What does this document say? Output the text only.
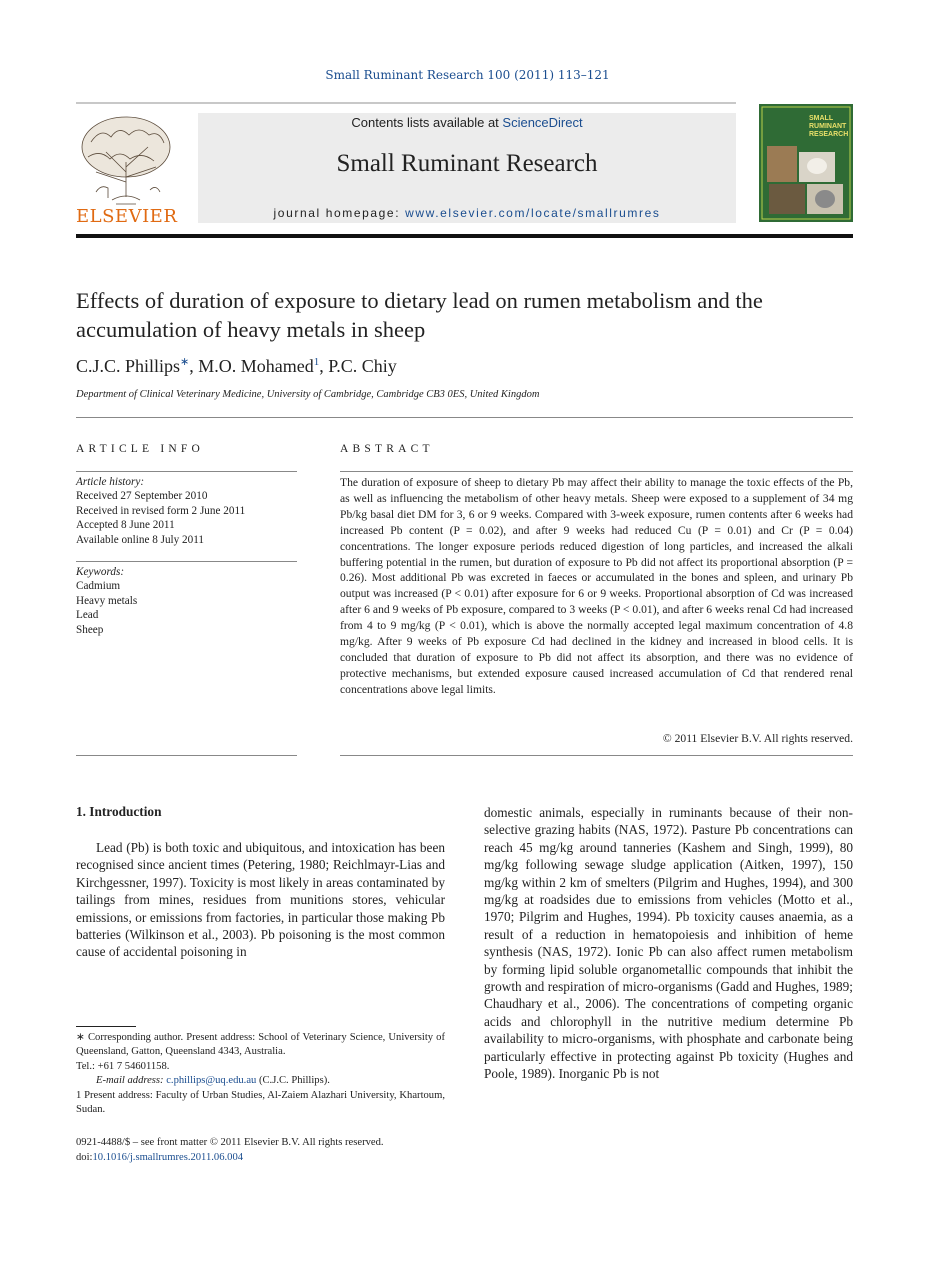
Small Ruminant Research 100 (2011) 113–121
ELSEVIER
Contents lists available at ScienceDirect
Small Ruminant Research
journal homepage: www.elsevier.com/locate/smallrumres
SMALL
RUMINANT
RESEARCH
Effects of duration of exposure to dietary lead on rumen metabolism and the accumulation of heavy metals in sheep
C.J.C. Phillips∗, M.O. Mohamed$^1$, P.C. Chiy
Department of Clinical Veterinary Medicine, University of Cambridge, Cambridge CB3 0ES, United Kingdom
ARTICLE INFO	ABSTRACT
Article history:
Received 27 September 2010
Received in revised form 2 June 2011
Accepted 8 June 2011
Available online 8 July 2011
Keywords:
Cadmium
Heavy metals
Lead
Sheep
The duration of exposure of sheep to dietary Pb may affect their ability to manage the toxic effects of the Pb, as well as influencing the metabolism of other heavy metals. Sheep were exposed to a supplement of 34 mg Pb/kg basal diet DM for 3, 6 or 9 weeks. Compared with 3-week exposure, rumen contents after 6 weeks had increased Pb content (P = 0.02), and after 9 weeks had reduced Cu (P = 0.01) and Cr (P = 0.04) concentrations. The longer exposure periods reduced digestion of long particles, and increased the alkali buffering potential in the rumen, but duration of exposure to Pb did not affect its proportional absorption (P = 0.26). Most additional Pb was excreted in faeces or accumulated in the bones and spleen, and urinary Pb output was increased (P < 0.01) after exposure for 6 or 9 weeks. Proportional absorption of Cd was increased after 6 and 9 weeks of Pb exposure, compared to 3 weeks (P < 0.01), and after 6 weeks renal Cd had increased from 4 to 9 mg/kg (P < 0.01), which is above the normally accepted legal maximum concentration of 4.8 mg/kg. After 9 weeks of Pb exposure Cd had declined in the kidney and increased in blood cells. It is concluded that duration of exposure to Pb did not affect its absorption, and there was no evidence of protective mechanisms, but extended exposure caused increased accumulation of Cd that rendered renal concentrations above legal limits.
© 2011 Elsevier B.V. All rights reserved.
1. Introduction
Lead (Pb) is both toxic and ubiquitous, and intoxication has been recognised since ancient times (Petering, 1980; Reichlmayr-Lias and Kirchgessner, 1997). Toxicity is most likely in areas contaminated by tailings from mines, residues from munitions stores, vehicular emissions, or emissions from factories, in particular those making Pb batteries (Wilkinson et al., 2003). Pb poisoning is the most common cause of accidental poisoning in
domestic animals, especially in ruminants because of their non-selective grazing habits (NAS, 1972). Pasture Pb concentrations can reach 45 mg/kg around tanneries (Kashem and Singh, 1999), 80 mg/kg following sewage sludge application (Aitken, 1997), 150 mg/kg within 2 km of smelters (Pilgrim and Hughes, 1994), and 300 mg/kg at roadsides due to emissions from vehicles (Motto et al., 1970; Pilgrim and Hughes, 1994). Pb toxicity causes anaemia, as a result of a reduction in hematopoiesis and inhibition of heme synthesis (NAS, 1972). Ionic Pb can also affect rumen metabolism by forming lipid soluble organometallic compounds that inhibit the growth and respiration of micro-organisms (Gadd and Hughes, 1989; Chaudhary et al., 2006). The concentrations of competing organic acids and chlorophyll in the nutritive medium determine Pb availability to micro-organisms, with phosphate and carbonate being particularly effective in protecting against Pb toxicity (Hughes and Poole, 1989). Inorganic Pb is not

∗ Corresponding author. Present address: School of Veterinary Science, University of Queensland, Gatton, Queensland 4343, Australia.

Tel.: +61 7 54601158.

E-mail address: c.phillips@uq.edu.au (C.J.C. Phillips).

1 Present address: Faculty of Urban Studies, Al-Zaiem Alazhari University, Khartoum, Sudan.

0921-4488/$ – see front matter © 2011 Elsevier B.V. All rights reserved.
doi:10.1016/j.smallrumres.2011.06.004
